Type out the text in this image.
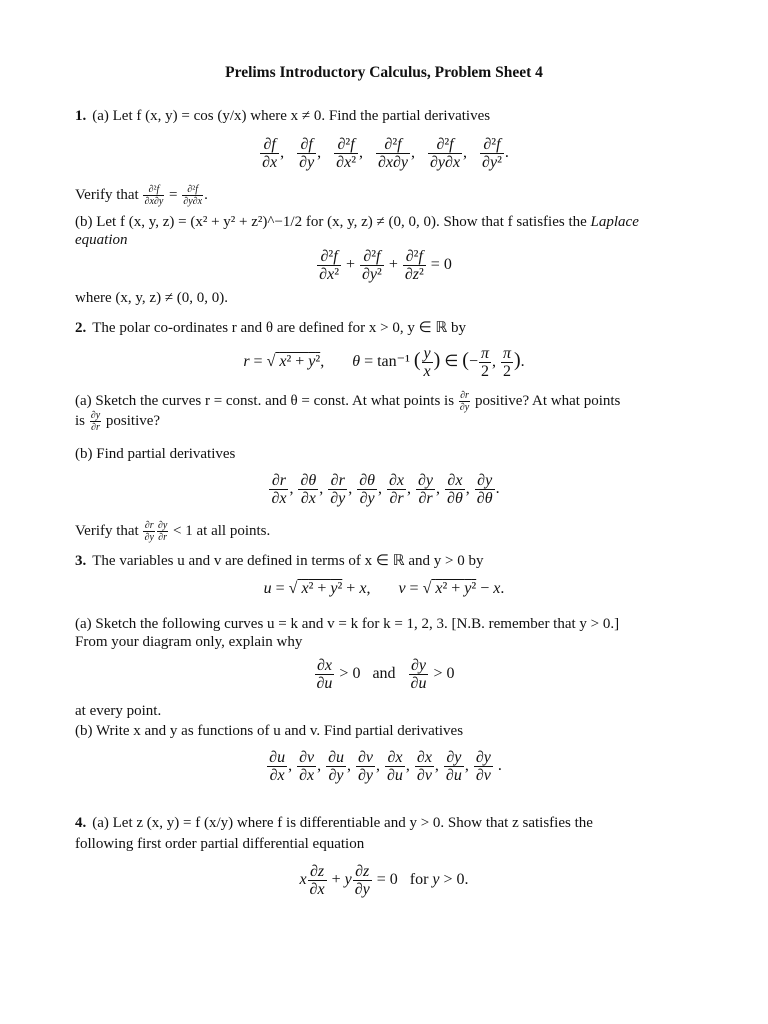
Prelims Introductory Calculus, Problem Sheet 4
1. (a) Let f (x, y) = cos (y/x) where x ≠ 0. Find the partial derivatives
$\frac{\partial f}{\partial x}$ , $\frac{\partial f}{\partial y}$ , $\frac{\text{∂²f}}{\text{∂x²}}$ , $\frac{\text{∂²f}}{\partial x\partial y}$ , $\frac{\text{∂²f}}{\partial y\partial x}$ , $\frac{\text{∂²f}}{\text{∂y²}}$ .
Verify that $\frac{\text{∂²f}}{\partial x\partial y} = \frac{\text{∂²f}}{\partial y\partial x}$ .
(b) Let f (x, y, z) = (x² + y² + z²)^−1/2 for (x, y, z) ≠ (0, 0, 0). Show that f satisfies the Laplace
equation
$\frac{\text{∂²f}}{\text{∂x²}} + \frac{\text{∂²f}}{\text{∂y²}} + \frac{\text{∂²f}}{\text{∂z²}} = 0$
where (x, y, z) ≠ (0, 0, 0).
2. The polar co-ordinates r and θ are defined for x > 0, y ∈ ℝ by
r = √ x² + y²,       θ = tan⁻¹ ( $\frac{y}{x}$ ) ∈ (− $\frac{\pi}{2}$ , $\frac{\pi}{2}$ ).
(a) Sketch the curves r = const. and θ = const. At what points is $\frac{\partial r}{\partial y}$ positive? At what points
is $\frac{\partial y}{\partial r}$ positive?
(b) Find partial derivatives
$\frac{\partial r}{\partial x}$ , $\frac{\partial\theta}{\partial x}$ , $\frac{\partial r}{\partial y}$ , $\frac{\partial\theta}{\partial y}$ , $\frac{\partial x}{\partial r}$ , $\frac{\partial y}{\partial r}$ , $\frac{\partial x}{\partial\theta}$ , $\frac{\partial y}{\partial\theta}$ .
Verify that $\frac{\partial r}{\partial y} \frac{\partial y}{\partial r} < 1$ at all points.
3. The variables u and v are defined in terms of x ∈ ℝ and y > 0 by
u = √ x² + y² + x,       v = √ x² + y² − x.
(a) Sketch the following curves u = k and v = k for k = 1, 2, 3. [N.B. remember that y > 0.]
From your diagram only, explain why
$\frac{\partial x}{\partial u} > 0$   and $\frac{\partial y}{\partial u} > 0$
at every point.
(b) Write x and y as functions of u and v. Find partial derivatives
$\frac{\partial u}{\partial x}$ , $\frac{\partial v}{\partial x}$ , $\frac{\partial u}{\partial y}$ , $\frac{\partial v}{\partial y}$ , $\frac{\partial x}{\partial u}$ , $\frac{\partial x}{\partial v}$ , $\frac{\partial y}{\partial u}$ , $\frac{\partial y}{\partial v}$ .
4. (a) Let z (x, y) = f (x/y) where f is differentiable and y > 0. Show that z satisfies the
following first order partial differential equation
x $\frac{\partial z}{\partial x} + y \frac{\partial z}{\partial y} = 0$   for y > 0.
